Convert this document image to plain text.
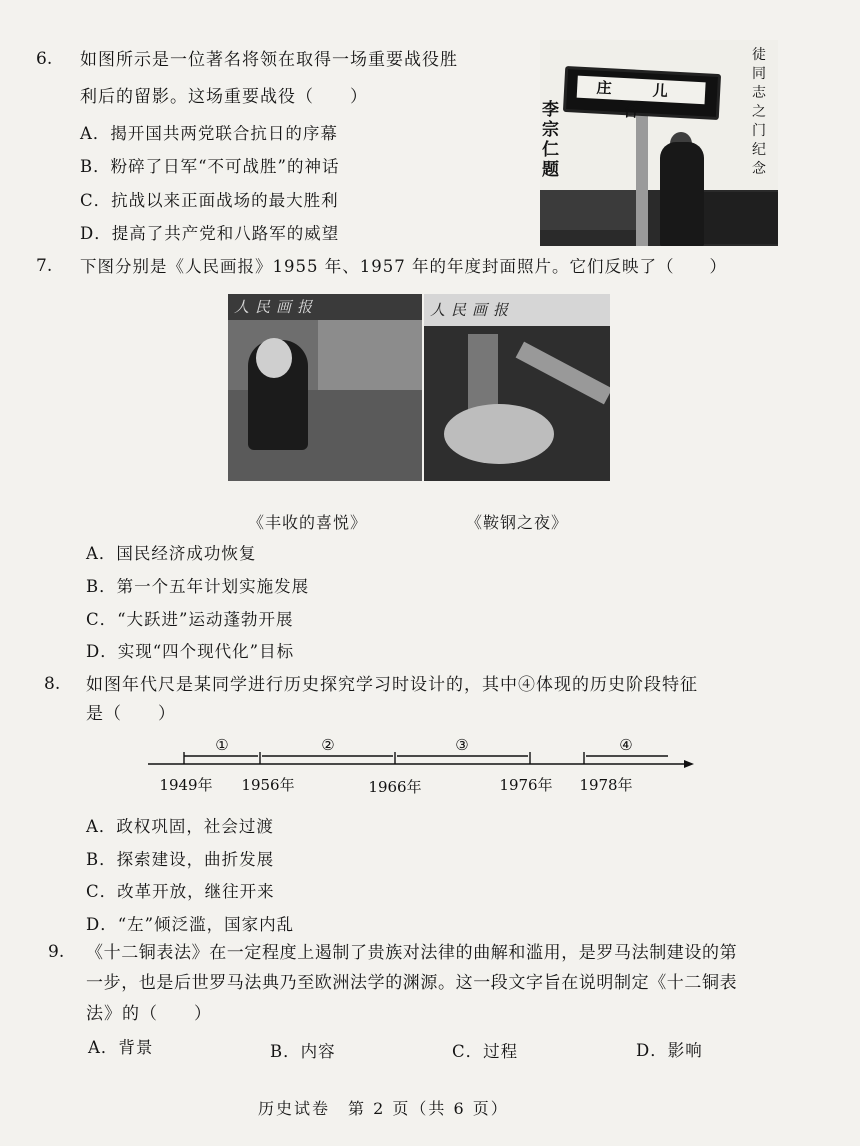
6. 如图所示是一位著名将领在取得一场重要战役胜
利后的留影。这场重要战役（　　）
A．揭开国共两党联合抗日的序幕
B．粉碎了日军“不可战胜”的神话
C．抗战以来正面战场的最大胜利
D．提高了共产党和八路军的威望
庄 儿 台
李宗仁题
徒同志之门纪念
7. 下图分别是《人民画报》1955 年、1957 年的年度封面照片。它们反映了（　　）
人民画报	人民画报
《丰收的喜悦》	《鞍钢之夜》
A．国民经济成功恢复
B．第一个五年计划实施发展
C．“大跃进”运动蓬勃开展
D．实现“四个现代化”目标
8. 如图年代尺是某同学进行历史探究学习时设计的，其中④体现的历史阶段特征
是（　　）
①	②	③	④
1949年 1956年	1966年	1976年 1978年
A．政权巩固，社会过渡
B．探索建设，曲折发展
C．改革开放，继往开来
D．“左”倾泛滥，国家内乱
9. 《十二铜表法》在一定程度上遏制了贵族对法律的曲解和滥用，是罗马法制建设的第
一步，也是后世罗马法典乃至欧洲法学的渊源。这一段文字旨在说明制定《十二铜表
法》的（　　）
A．背景	B．内容	C．过程	D．影响
历史试卷　第 2 页（共 6 页）
